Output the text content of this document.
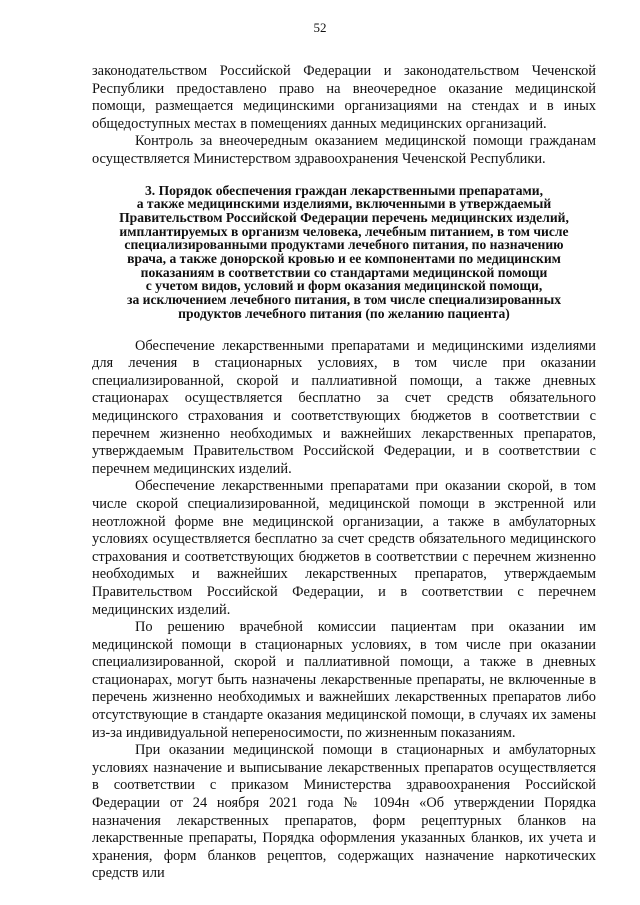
52

законодательством Российской Федерации и законодательством Чеченской Республики предоставлено право на внеочередное оказание медицинской помощи, размещается медицинскими организациями на стендах и в иных общедоступных местах в помещениях данных медицинских организаций.

Контроль за внеочередным оказанием медицинской помощи гражданам осуществляется Министерством здравоохранения Чеченской Республики.

3. Порядок обеспечения граждан лекарственными препаратами,
а также медицинскими изделиями, включенными в утверждаемый
Правительством Российской Федерации перечень медицинских изделий,
имплантируемых в организм человека, лечебным питанием, в том числе
специализированными продуктами лечебного питания, по назначению
врача, а также донорской кровью и ее компонентами по медицинским
показаниям в соответствии со стандартами медицинской помощи
с учетом видов, условий и форм оказания медицинской помощи,
за исключением лечебного питания, в том числе специализированных
продуктов лечебного питания (по желанию пациента)

Обеспечение лекарственными препаратами и медицинскими изделиями для лечения в стационарных условиях, в том числе при оказании специализированной, скорой и паллиативной помощи, а также дневных стационарах осуществляется бесплатно за счет средств обязательного медицинского страхования и соответствующих бюджетов в соответствии с перечнем жизненно необходимых и важнейших лекарственных препаратов, утверждаемым Правительством Российской Федерации, и в соответствии с перечнем медицинских изделий.

Обеспечение лекарственными препаратами при оказании скорой, в том числе скорой специализированной, медицинской помощи в экстренной или неотложной форме вне медицинской организации, а также в амбулаторных условиях осуществляется бесплатно за счет средств обязательного медицинского страхования и соответствующих бюджетов в соответствии с перечнем жизненно необходимых и важнейших лекарственных препаратов, утверждаемым Правительством Российской Федерации, и в соответствии с перечнем медицинских изделий.

По решению врачебной комиссии пациентам при оказании им медицинской помощи в стационарных условиях, в том числе при оказании специализированной, скорой и паллиативной помощи, а также в дневных стационарах, могут быть назначены лекарственные препараты, не включенные в перечень жизненно необходимых и важнейших лекарственных препаратов либо отсутствующие в стандарте оказания медицинской помощи, в случаях их замены из-за индивидуальной непереносимости, по жизненным показаниям.

При оказании медицинской помощи в стационарных и амбулаторных условиях назначение и выписывание лекарственных препаратов осуществляется в соответствии с приказом Министерства здравоохранения Российской Федерации от 24 ноября 2021 года № 1094н «Об утверждении Порядка назначения лекарственных препаратов, форм рецептурных бланков на лекарственные препараты, Порядка оформления указанных бланков, их учета и хранения, форм бланков рецептов, содержащих назначение наркотических средств или
